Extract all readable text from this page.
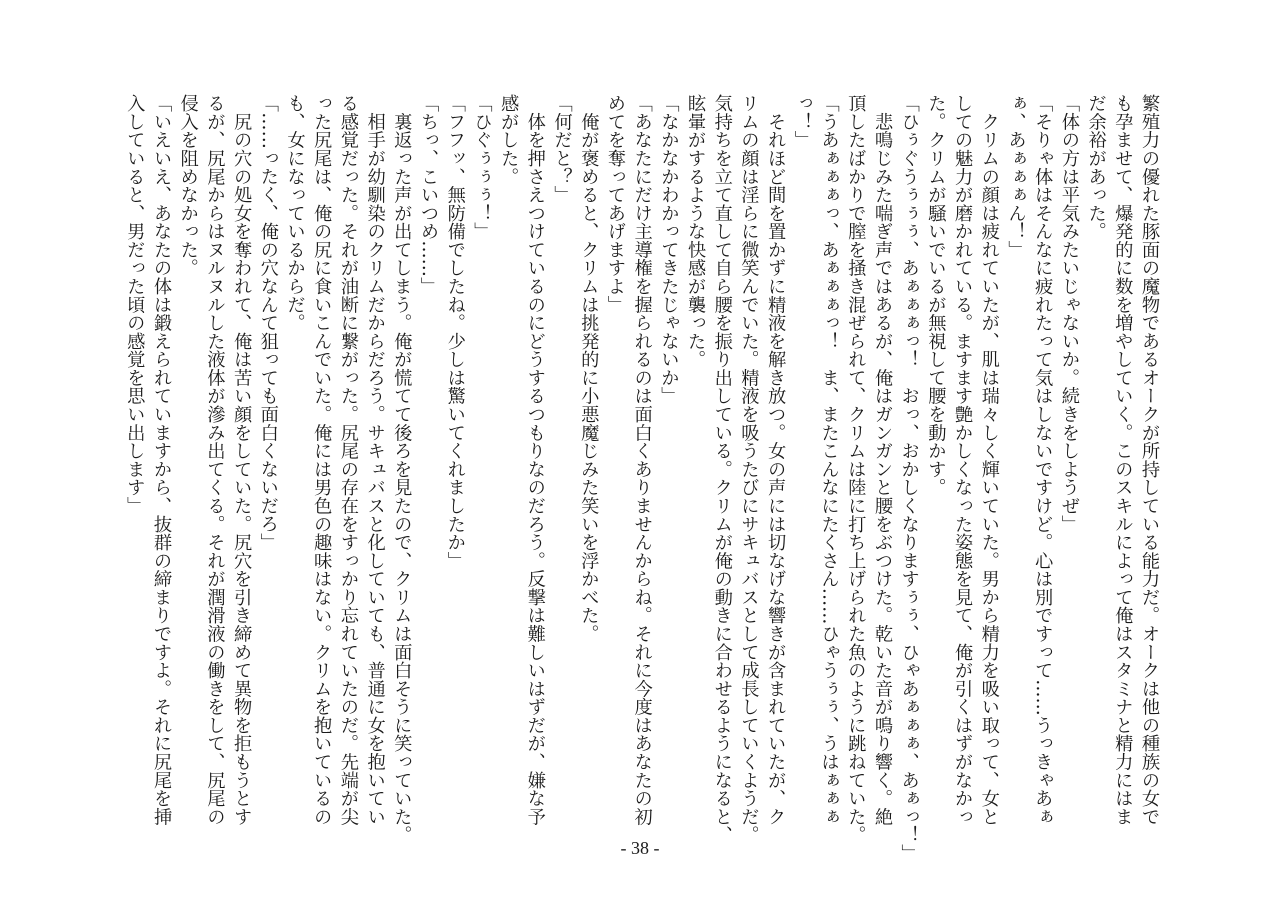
繁殖力の優れた豚面の魔物であるオークが所持している能力だ。オークは他の種族の女で
も孕ませて、爆発的に数を増やしていく。このスキルによって俺はスタミナと精力にはま
だ余裕があった。
「体の方は平気みたいじゃないか。続きをしようぜ」
「そりゃ体はそんなに疲れたって気はしないですけど。心は別ですって……うっきゃあぁ
ぁ、あぁぁぁん！」
　クリムの顔は疲れていたが、肌は瑞々しく輝いていた。男から精力を吸い取って、女と
しての魅力が磨かれている。ますます艶かしくなった姿態を見て、俺が引くはずがなかっ
た。クリムが騒いでいるが無視して腰を動かす。
「ひぅぐうぅぅぅ、あぁぁぁっ！　おっ、おかしくなりますぅぅ、ひゃあぁぁぁ、あぁっ！」
　悲鳴じみた喘ぎ声ではあるが、俺はガンガンと腰をぶつけた。乾いた音が鳴り響く。絶
頂したばかりで膣を掻き混ぜられて、クリムは陸に打ち上げられた魚のように跳ねていた。
「うあぁぁぁっ、あぁぁぁっ！　ま、またこんなにたくさん……ひゃうぅぅ、うはぁぁぁ
っ！」
　それほど間を置かずに精液を解き放つ。女の声には切なげな響きが含まれていたが、ク
リムの顔は淫らに微笑んでいた。精液を吸うたびにサキュバスとして成長していくようだ。
気持ちを立て直して自ら腰を振り出している。クリムが俺の動きに合わせるようになると、
眩暈がするような快感が襲った。
「なかなかわかってきたじゃないか」
「あなたにだけ主導権を握られるのは面白くありませんからね。それに今度はあなたの初
めてを奪ってあげますよ」
　俺が褒めると、クリムは挑発的に小悪魔じみた笑いを浮かべた。
「何だと？」
　体を押さえつけているのにどうするつもりなのだろう。反撃は難しいはずだが、嫌な予
感がした。
「ひぐぅぅぅ！」
「フフッ、無防備でしたね。少しは驚いてくれましたか」
「ちっ、こいつめ……」
　裏返った声が出てしまう。俺が慌てて後ろを見たので、クリムは面白そうに笑っていた。
　相手が幼馴染のクリムだからだろう。サキュバスと化していても、普通に女を抱いてい
る感覚だった。それが油断に繋がった。尻尾の存在をすっかり忘れていたのだ。先端が尖
った尻尾は、俺の尻に食いこんでいた。俺には男色の趣味はない。クリムを抱いているの
も、女になっているからだ。
「……ったく、俺の穴なんて狙っても面白くないだろ」
　尻の穴の処女を奪われて、俺は苦い顔をしていた。尻穴を引き締めて異物を拒もうとす
るが、尻尾からはヌルヌルした液体が滲み出てくる。それが潤滑液の働きをして、尻尾の
侵入を阻めなかった。
「いえいえ、あなたの体は鍛えられていますから、抜群の締まりですよ。それに尻尾を挿
入していると、男だった頃の感覚を思い出します」
- 38 -
